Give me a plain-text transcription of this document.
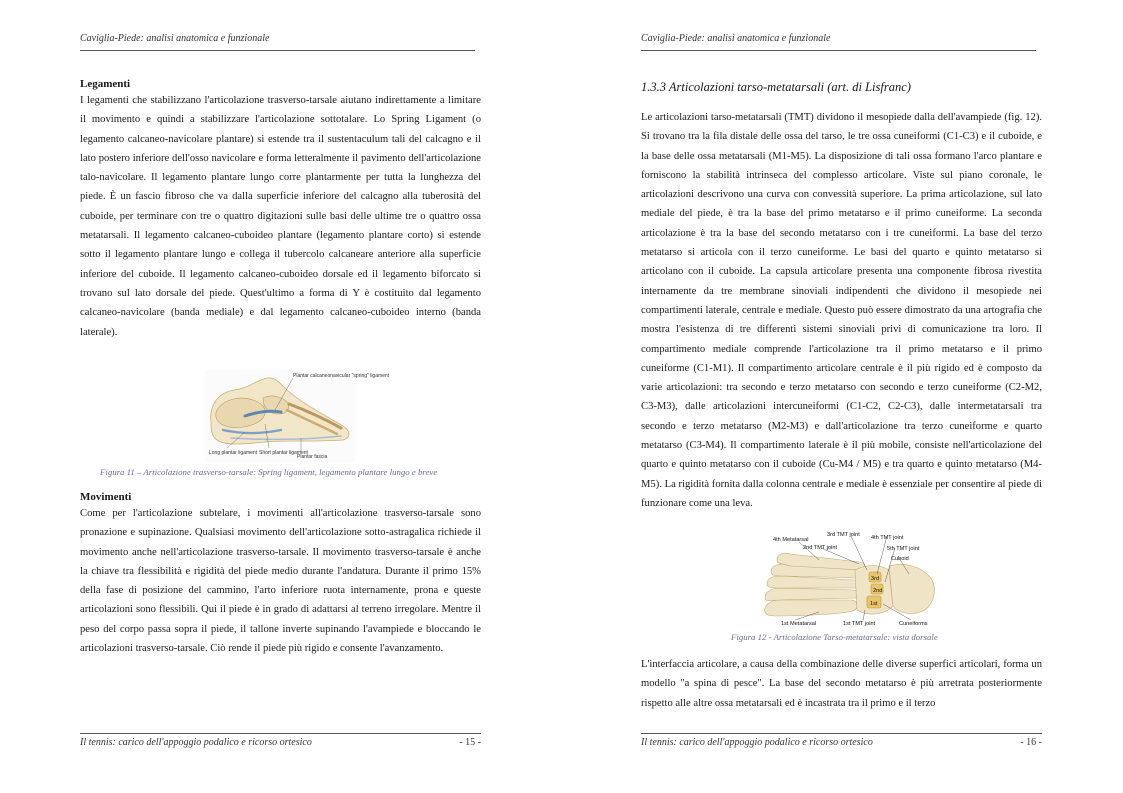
Caviglia-Piede: analisi anatomica e funzionale

Legamenti

I legamenti che stabilizzano l'articolazione trasverso-tarsale aiutano indirettamente a limitare il movimento e quindi a stabilizzare l'articolazione sottotalare. Lo Spring Ligament (o legamento calcaneo-navicolare plantare) si estende tra il sustentaculum tali del calcagno e il lato postero inferiore dell'osso navicolare e forma letteralmente il pavimento dell'articolazione talo-navicolare. Il legamento plantare lungo corre plantarmente per tutta la lunghezza del piede. È un fascio fibroso che va dalla superficie inferiore del calcagno alla tuberosità del cuboide, per terminare con tre o quattro digitazioni sulle basi delle ultime tre o quattro ossa metatarsali. Il legamento calcaneo-cuboideo plantare (legamento plantare corto) si estende sotto il legamento plantare lungo e collega il tubercolo calcaneare anteriore alla superficie inferiore del cuboide. Il legamento calcaneo-cuboideo dorsale ed il legamento biforcato si trovano sul lato dorsale del piede. Quest'ultimo a forma di Y è costituito dal legamento calcaneo-navicolare (banda mediale) e dal legamento calcaneo-cuboideo interno (banda laterale).

Plantar calcaneonavicular "spring" ligament
Long plantar ligament Short plantar ligament
Plantar fascia
Figura 11 – Articolazione trasverso-tarsale: Spring ligament, legamento plantare lungo e breve

Movimenti

Come per l'articolazione subtelare, i movimenti all'articolazione trasverso-tarsale sono pronazione e supinazione. Qualsiasi movimento dell'articolazione sotto-astragalica richiede il movimento anche nell'articolazione trasverso-tarsale. Il movimento trasverso-tarsale è anche la chiave tra flessibilità e rigidità del piede medio durante l'andatura. Durante il primo 15% della fase di posizione del cammino, l'arto inferiore ruota internamente, prona e queste articolazioni sono flessibili. Qui il piede è in grado di adattarsi al terreno irregolare. Mentre il peso del corpo passa sopra il piede, il tallone inverte supinando l'avampiede e bloccando le articolazioni trasverso-tarsale. Ciò rende il piede più rigido e consente l'avanzamento.

Il tennis: carico dell'appoggio podalico e ricorso ortesico	- 15 -
Caviglia-Piede: analisi anatomica e funzionale

1.3.3 Articolazioni tarso-metatarsali (art. di Lisfranc)

Le articolazioni tarso-metatarsali (TMT) dividono il mesopiede dalla dell'avampiede (fig. 12). Si trovano tra la fila distale delle ossa del tarso, le tre ossa cuneiformi (C1-C3) e il cuboide, e la base delle ossa metatarsali (M1-M5). La disposizione di tali ossa formano l'arco plantare e forniscono la stabilità intrinseca del complesso articolare. Viste sul piano coronale, le articolazioni descrivono una curva con convessità superiore. La prima articolazione, sul lato mediale del piede, è tra la base del primo metatarso e il primo cuneiforme. La seconda articolazione è tra la base del secondo metatarso con i tre cuneiformi. La base del terzo metatarso si articola con il terzo cuneiforme. Le basi del quarto e quinto metatarso si articolano con il cuboide. La capsula articolare presenta una componente fibrosa rivestita internamente da tre membrane sinoviali indipendenti che dividono il mesopiede nei compartimenti laterale, centrale e mediale. Questo può essere dimostrato da una artografia che mostra l'esistenza di tre differenti sistemi sinoviali privi di comunicazione tra loro. Il compartimento mediale comprende l'articolazione tra il primo metatarso e il primo cuneiforme (C1-M1). Il compartimento articolare centrale è il più rigido ed è composto da varie articolazioni: tra secondo e terzo metatarso con secondo e terzo cuneiforme (C2-M2, C3-M3), dalle articolazioni intercuneiformi (C1-C2, C2-C3), dalle intermetatarsali tra secondo e terzo metatarso (M2-M3) e dall'articolazione tra terzo cuneiforme e quarto metatarso (C3-M4). Il compartimento laterale è il più mobile, consiste nell'articolazione del quarto e quinto metatarso con il cuboide (Cu-M4 / M5) e tra quarto e quinto metatarso (M4-M5). La rigidità fornita dalla colonna centrale e mediale è essenziale per consentire al piede di funzionare come una leva.

4th Metatarsal
3rd TMT joint 4th TMT joint
2nd TMT joint	5th TMT joint
Cuboid
3rd
2nd
1st
1st Metatarsal	1st TMT joint	Cuneiforms
Figura 12 - Articolazione Tarso-metatarsale: vista dorsale

L'interfaccia articolare, a causa della combinazione delle diverse superfici articolari, forma un modello "a spina di pesce". La base del secondo metatarso è più arretrata posteriormente rispetto alle altre ossa metatarsali ed è incastrata tra il primo e il terzo

Il tennis: carico dell'appoggio podalico e ricorso ortesico	- 16 -
